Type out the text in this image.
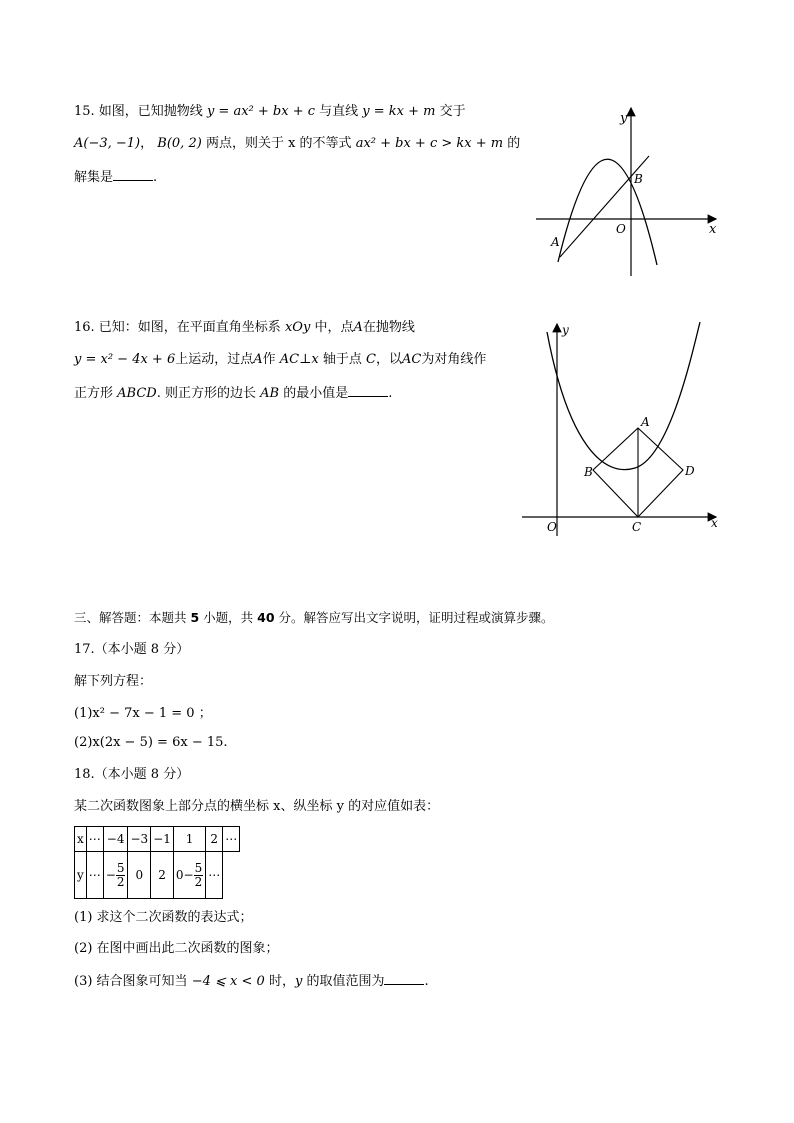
15. 如图，已知抛物线 y = ax² + bx + c 与直线 y = kx + m 交于
A(−3, −1)， B(0, 2) 两点，则关于 x 的不等式 ax² + bx + c > kx + m 的
解集是	.
y
x
O
B
A
16. 已知：如图，在平面直角坐标系 xOy 中，点A在抛物线
y = x² − 4x + 6上运动，过点A作 AC⊥x 轴于点 C，以AC为对角线作
正方形 ABCD. 则正方形的边长 AB 的最小值是	.
y
x
O
A
B
C
D
三、解答题：本题共 5 小题，共 40 分。解答应写出文字说明，证明过程或演算步骤。
17.（本小题 8 分）
解下列方程：
(1)x² − 7x − 1 = 0 ；
(2)x(2x − 5) = 6x − 15.
18.（本小题 8 分）
某二次函数图象上部分点的横坐标 x、纵坐标 y 的对应值如表：
x	⋯	−4	−3	−1	1	2	⋯
y	⋯	− $\frac{5}{2}$	0	2	$0- \frac{5}{2}$	⋯	
(1) 求这个二次函数的表达式；
(2) 在图中画出此二次函数的图象；
(3) 结合图象可知当 −4 ⩽ x < 0 时，y 的取值范围为	.
